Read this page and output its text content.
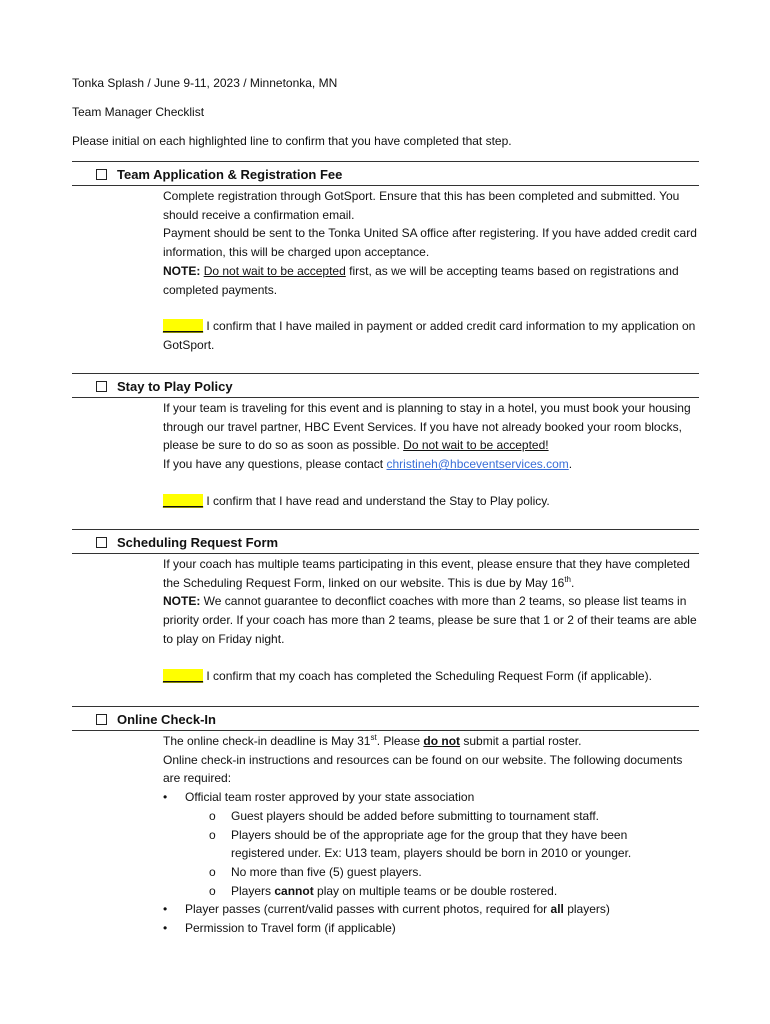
Tonka Splash / June 9-11, 2023 / Minnetonka, MN
Team Manager Checklist
Please initial on each highlighted line to confirm that you have completed that step.
Team Application & Registration Fee

Complete registration through GotSport. Ensure that this has been completed and submitted. You should receive a confirmation email.

Payment should be sent to the Tonka United SA office after registering. If you have added credit card information, this will be charged upon acceptance.

NOTE: Do not wait to be accepted first, as we will be accepting teams based on registrations and completed payments.

______ I confirm that I have mailed in payment or added credit card information to my application on GotSport.

Stay to Play Policy

If your team is traveling for this event and is planning to stay in a hotel, you must book your housing through our travel partner, HBC Event Services. If you have not already booked your room blocks, please be sure to do so as soon as possible. Do not wait to be accepted!

If you have any questions, please contact christineh@hbceventservices.com.

______ I confirm that I have read and understand the Stay to Play policy.

Scheduling Request Form

If your coach has multiple teams participating in this event, please ensure that they have completed the Scheduling Request Form, linked on our website. This is due by May 16th.

NOTE: We cannot guarantee to deconflict coaches with more than 2 teams, so please list teams in priority order. If your coach has more than 2 teams, please be sure that 1 or 2 of their teams are able to play on Friday night.

______ I confirm that my coach has completed the Scheduling Request Form (if applicable).

Online Check-In

The online check-in deadline is May 31st. Please do not submit a partial roster.

Online check-in instructions and resources can be found on our website. The following documents are required:

• Official team roster approved by your state association

o Guest players should be added before submitting to tournament staff.

o Players should be of the appropriate age for the group that they have been registered under. Ex: U13 team, players should be born in 2010 or younger.

o No more than five (5) guest players.

o Players cannot play on multiple teams or be double rostered.

• Player passes (current/valid passes with current photos, required for all players)

• Permission to Travel form (if applicable)
